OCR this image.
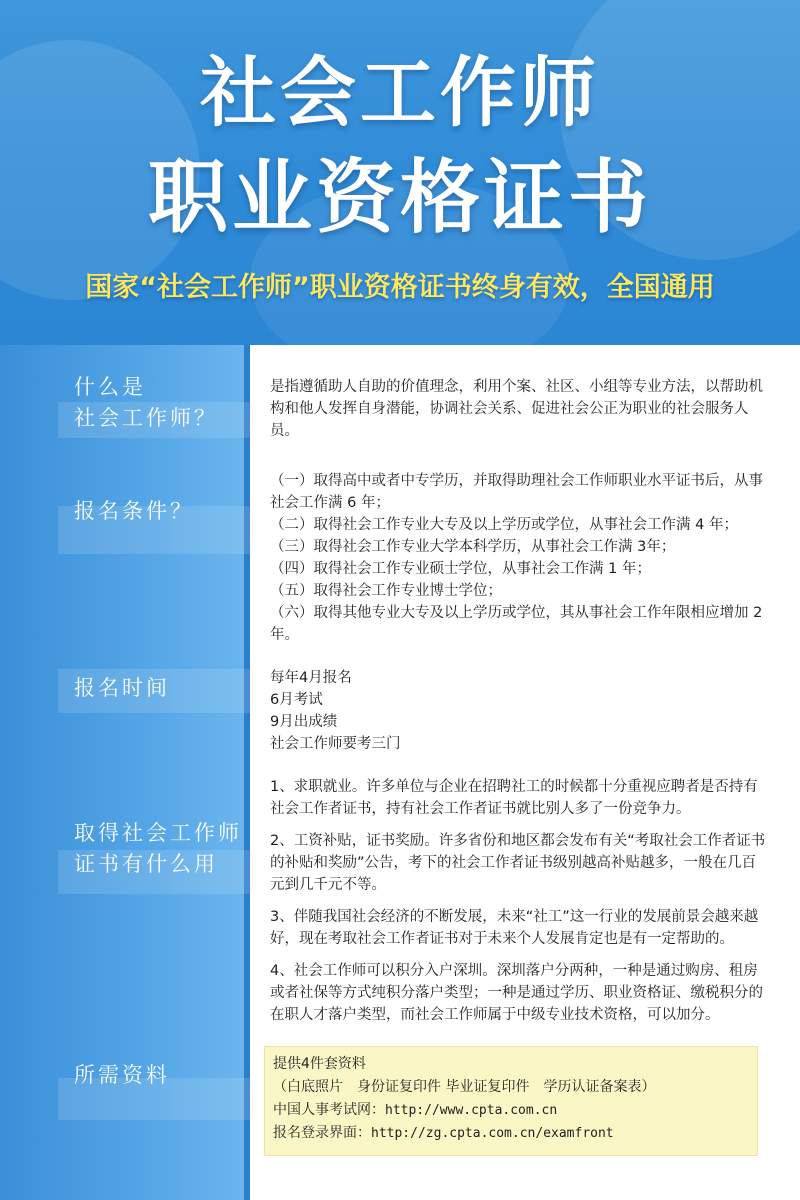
社会工作师
职业资格证书
国家“社会工作师”职业资格证书终身有效，全国通用
什么是
社会工作师？
报名条件？
报名时间
取得社会工作师
证书有什么用
所需资料

是指遵循助人自助的价值理念，利用个案、社区、小组等专业方法，以帮助机构和他人发挥自身潜能，协调社会关系、促进社会公正为职业的社会服务人员。

（一）取得高中或者中专学历，并取得助理社会工作师职业水平证书后，从事社会工作满 6 年；

（二）取得社会工作专业大专及以上学历或学位，从事社会工作满 4 年；

（三）取得社会工作专业大学本科学历，从事社会工作满 3年；

（四）取得社会工作专业硕士学位，从事社会工作满 1 年；

（五）取得社会工作专业博士学位；

（六）取得其他专业大专及以上学历或学位，其从事社会工作年限相应增加 2 年。

每年4月报名

6月考试

9月出成绩

社会工作师要考三门

1、求职就业。许多单位与企业在招聘社工的时候都十分重视应聘者是否持有社会工作者证书，持有社会工作者证书就比别人多了一份竞争力。

2、工资补贴，证书奖励。许多省份和地区都会发布有关“考取社会工作者证书的补贴和奖励”公告，考下的社会工作者证书级别越高补贴越多，一般在几百元到几千元不等。

3、伴随我国社会经济的不断发展，未来“社工”这一行业的发展前景会越来越好，现在考取社会工作者证书对于未来个人发展肯定也是有一定帮助的。

4、社会工作师可以积分入户深圳。深圳落户分两种，一种是通过购房、租房或者社保等方式纯积分落户类型；一种是通过学历、职业资格证、缴税积分的在职人才落户类型，而社会工作师属于中级专业技术资格，可以加分。

提供4件套资料
（白底照片　身份证复印件 毕业证复印件　学历认证备案表）
中国人事考试网：http://www.cpta.com.cn
报名登录界面：http://zg.cpta.com.cn/examfront
